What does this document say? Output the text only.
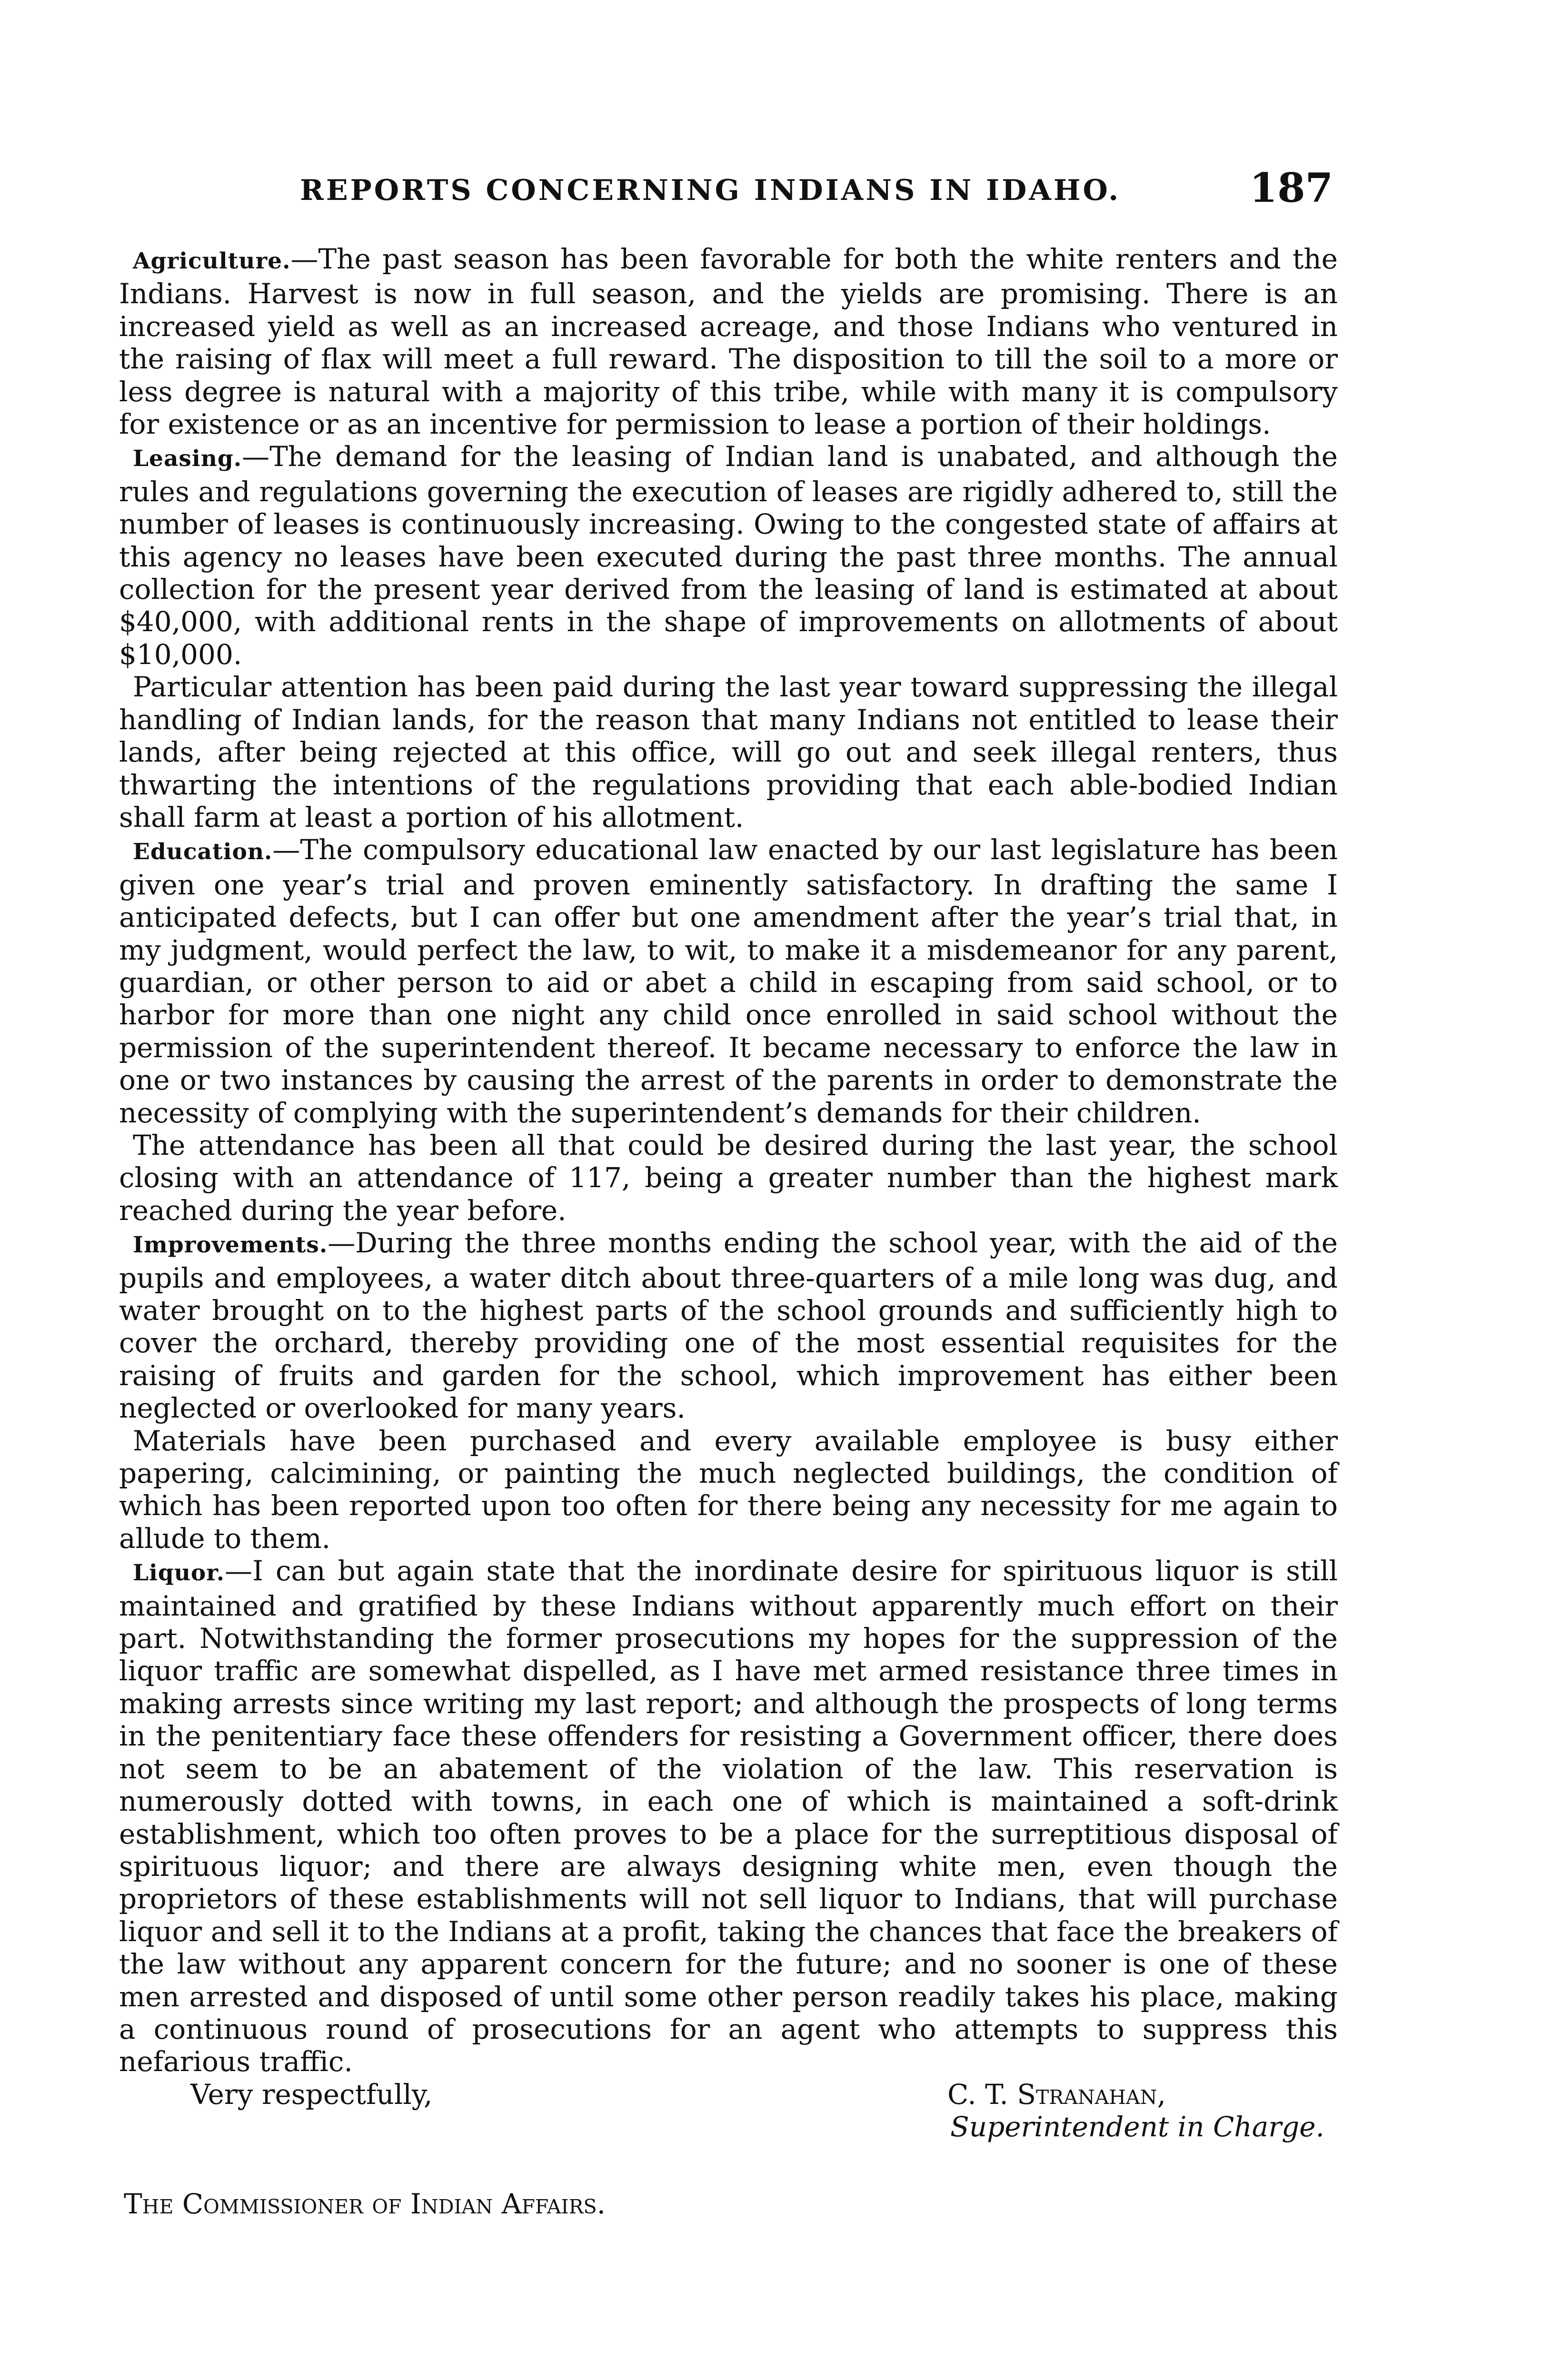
REPORTS CONCERNING INDIANS IN IDAHO.	187

Agriculture.—The past season has been favorable for both the white renters and the Indians. Harvest is now in full season, and the yields are promising. There is an increased yield as well as an increased acreage, and those Indians who ventured in the raising of flax will meet a full reward. The disposition to till the soil to a more or less degree is natural with a majority of this tribe, while with many it is compulsory for existence or as an incentive for permission to lease a portion of their holdings.

Leasing.—The demand for the leasing of Indian land is unabated, and although the rules and regulations governing the execution of leases are rigidly adhered to, still the number of leases is continuously increasing. Owing to the congested state of affairs at this agency no leases have been executed during the past three months. The annual collection for the present year derived from the leasing of land is estimated at about $40,000, with additional rents in the shape of improvements on allotments of about $10,000.

Particular attention has been paid during the last year toward suppressing the illegal handling of Indian lands, for the reason that many Indians not entitled to lease their lands, after being rejected at this office, will go out and seek illegal renters, thus thwarting the intentions of the regulations providing that each able-bodied Indian shall farm at least a portion of his allotment.

Education.—The compulsory educational law enacted by our last legislature has been given one year’s trial and proven eminently satisfactory. In drafting the same I anticipated defects, but I can offer but one amendment after the year’s trial that, in my judgment, would perfect the law, to wit, to make it a misdemeanor for any parent, guardian, or other person to aid or abet a child in escaping from said school, or to harbor for more than one night any child once enrolled in said school without the permission of the superintendent thereof. It became necessary to enforce the law in one or two instances by causing the arrest of the parents in order to demonstrate the necessity of complying with the superintendent’s demands for their children.

The attendance has been all that could be desired during the last year, the school closing with an attendance of 117, being a greater number than the highest mark reached during the year before.

Improvements.—During the three months ending the school year, with the aid of the pupils and employees, a water ditch about three-quarters of a mile long was dug, and water brought on to the highest parts of the school grounds and sufficiently high to cover the orchard, thereby providing one of the most essential requisites for the raising of fruits and garden for the school, which improvement has either been neglected or overlooked for many years.

Materials have been purchased and every available employee is busy either papering, calcimining, or painting the much neglected buildings, the condition of which has been reported upon too often for there being any necessity for me again to allude to them.

Liquor.—I can but again state that the inordinate desire for spirituous liquor is still maintained and gratified by these Indians without apparently much effort on their part. Notwithstanding the former prosecutions my hopes for the suppression of the liquor traffic are somewhat dispelled, as I have met armed resistance three times in making arrests since writing my last report; and although the prospects of long terms in the penitentiary face these offenders for resisting a Government officer, there does not seem to be an abatement of the violation of the law. This reservation is numerously dotted with towns, in each one of which is maintained a soft-drink establishment, which too often proves to be a place for the surreptitious disposal of spirituous liquor; and there are always designing white men, even though the proprietors of these establishments will not sell liquor to Indians, that will purchase liquor and sell it to the Indians at a profit, taking the chances that face the breakers of the law without any apparent concern for the future; and no sooner is one of these men arrested and disposed of until some other person readily takes his place, making a continuous round of prosecutions for an agent who attempts to suppress this nefarious traffic.

Very respectfully,	C. T. Stranahan,
Superintendent in Charge.
The Commissioner of Indian Affairs.
